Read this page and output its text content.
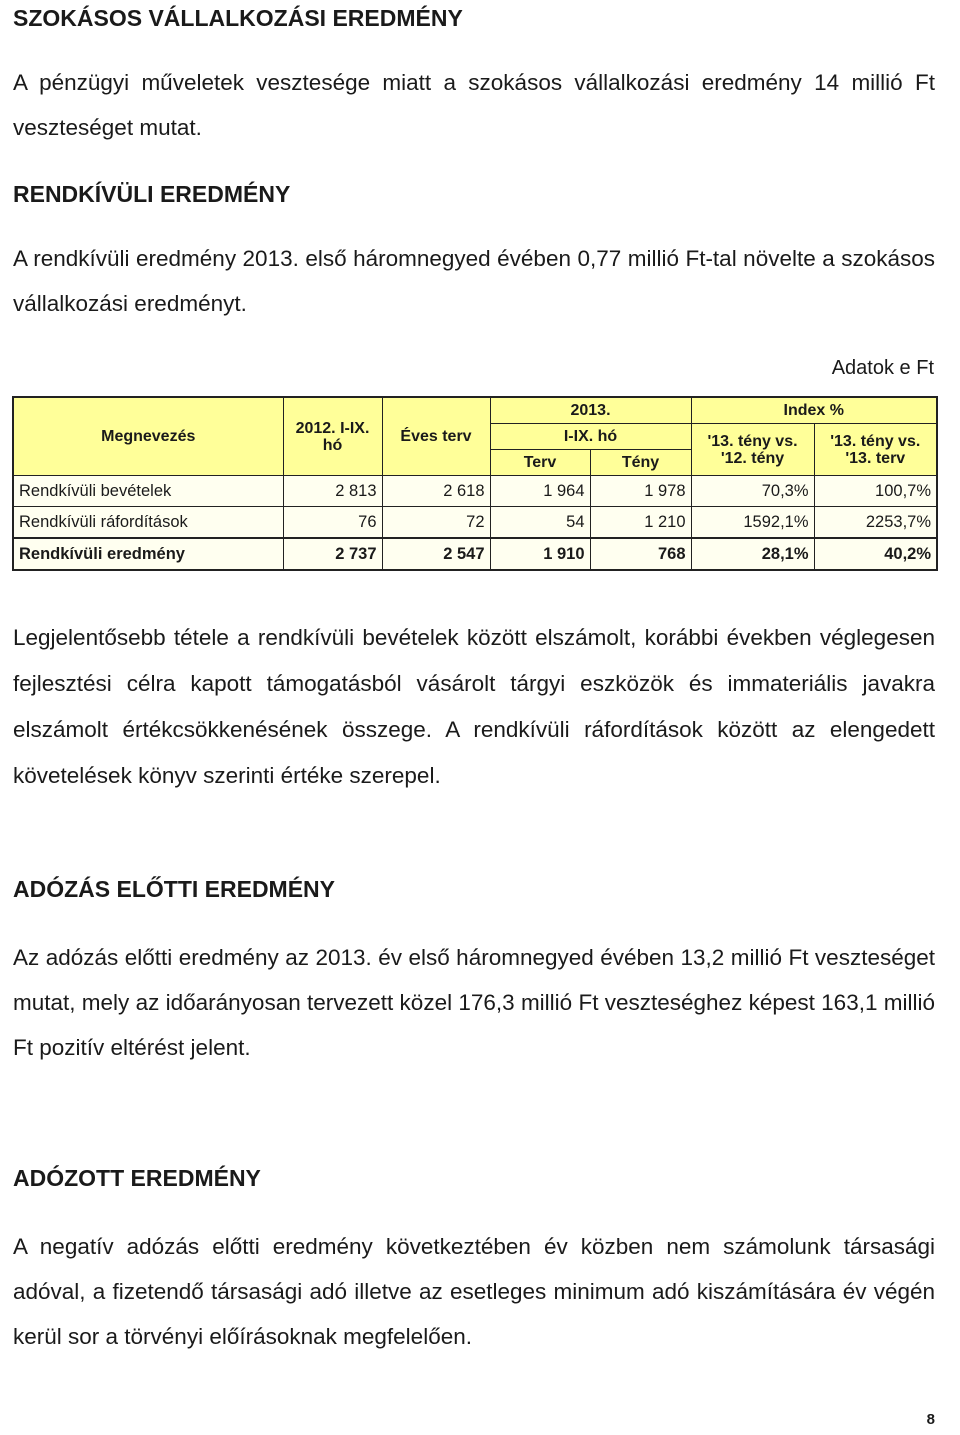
SZOKÁSOS VÁLLALKOZÁSI EREDMÉNY

A pénzügyi műveletek vesztesége miatt a szokásos vállalkozási eredmény 14 millió Ft veszteséget mutat.

RENDKÍVÜLI EREDMÉNY

A rendkívüli eredmény 2013. első háromnegyed évében 0,77 millió Ft-tal növelte a szokásos vállalkozási eredményt.

Adatok e Ft
Megnevezés	2012. I-IX. hó	Éves terv	2013.		Index %	
			I-IX. hó		'13. tény vs. '12. tény	'13. tény vs. '13. terv
			Terv	Tény		
Rendkívüli bevételek	2 813	2 618	1 964	1 978	70,3%	100,7%
Rendkívüli ráfordítások	76	72	54	1 210	1592,1%	2253,7%
Rendkívüli eredmény	2 737	2 547	1 910	768	28,1%	40,2%

Legjelentősebb tétele a rendkívüli bevételek között elszámolt, korábbi években véglegesen fejlesztési célra kapott támogatásból vásárolt tárgyi eszközök és immateriális javakra elszámolt értékcsökkenésének összege. A rendkívüli ráfordítások között az elengedett követelések könyv szerinti értéke szerepel.

ADÓZÁS ELŐTTI EREDMÉNY

Az adózás előtti eredmény az 2013. év első háromnegyed évében 13,2 millió Ft veszteséget mutat, mely az időarányosan tervezett közel 176,3 millió Ft veszteséghez képest 163,1 millió Ft pozitív eltérést jelent.

ADÓZOTT EREDMÉNY

A negatív adózás előtti eredmény következtében év közben nem számolunk társasági adóval, a fizetendő társasági adó illetve az esetleges minimum adó kiszámítására év végén kerül sor a törvényi előírásoknak megfelelően.

8
